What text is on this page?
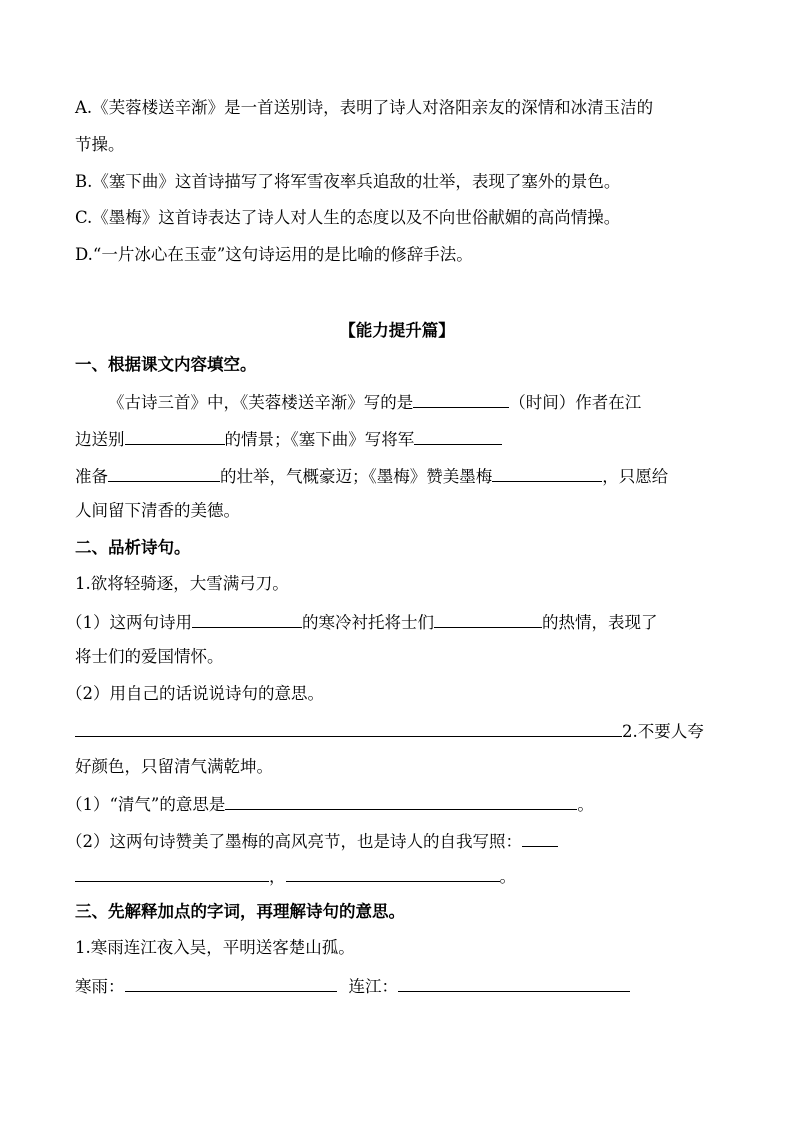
A.《芙蓉楼送辛渐》是一首送别诗，表明了诗人对洛阳亲友的深情和冰清玉洁的
节操。
B.《塞下曲》这首诗描写了将军雪夜率兵追敌的壮举，表现了塞外的景色。
C.《墨梅》这首诗表达了诗人对人生的态度以及不向世俗献媚的高尚情操。
D.“一片冰心在玉壶”这句诗运用的是比喻的修辞手法。
【能力提升篇】
一、根据课文内容填空。
《古诗三首》中，《芙蓉楼送辛渐》写的是	（时间）作者在江
边送别	的情景；《塞下曲》写将军
准备	的壮举，气概豪迈；《墨梅》赞美墨梅	，只愿给
人间留下清香的美德。
二、品析诗句。
1.欲将轻骑逐，大雪满弓刀。
（1）这两句诗用	的寒冷衬托将士们	的热情，表现了
将士们的爱国情怀。
（2）用自己的话说说诗句的意思。
2.不要人夸
好颜色，只留清气满乾坤。
（1）“清气”的意思是	。
（2）这两句诗赞美了墨梅的高风亮节，也是诗人的自我写照：
，	。
三、先解释加点的字词，再理解诗句的意思。
1.寒雨连江夜入吴，平明送客楚山孤。
寒雨：	连江：
